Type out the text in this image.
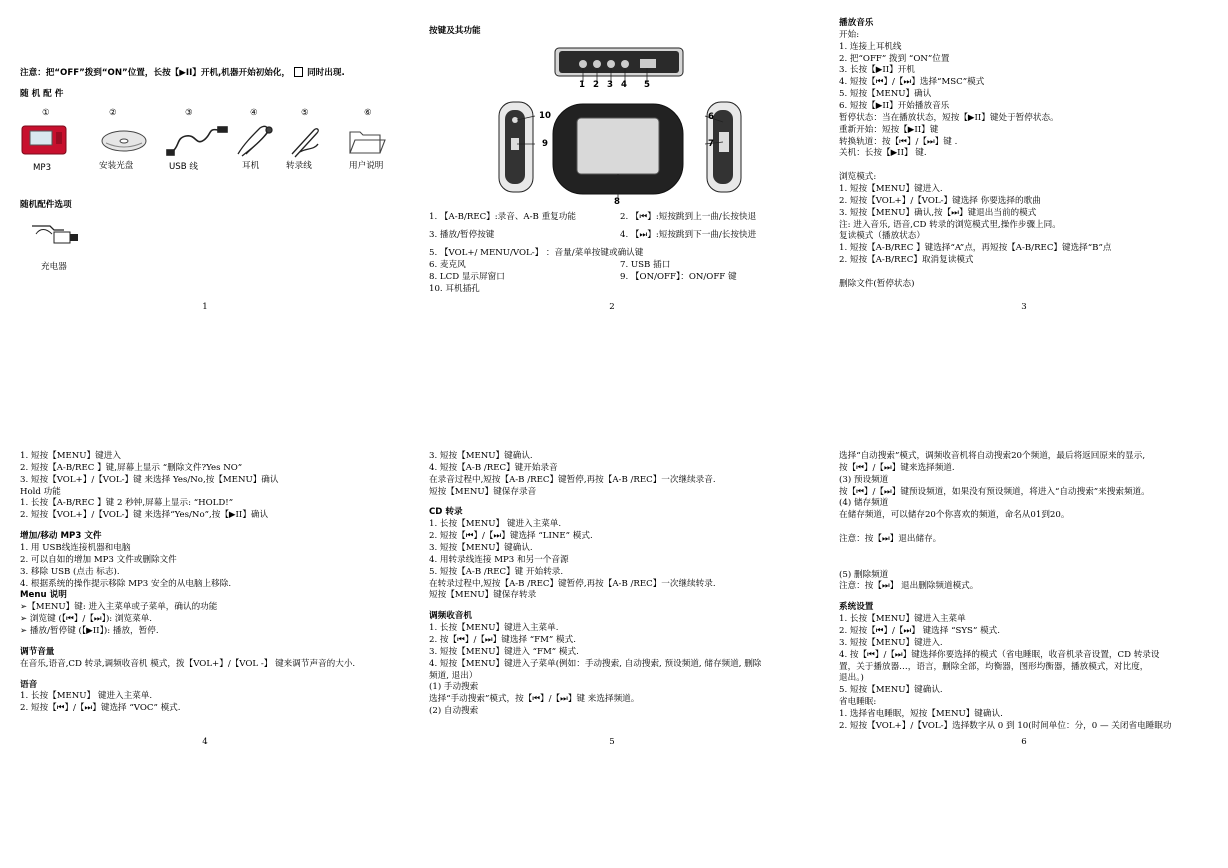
注意：把“OFF”拨到“ON”位置，长按【▶II】开机,机器开始初始化， 同时出现.
随 机 配 件
①	②	③	④	⑤	⑥
MP3	安装光盘	USB 线	耳机	转录线	用户说明
随机配件选项
充电器
1
按键及其功能
1 2 3 4 5
6
7
8
9
10
1. 【A-B/REC】:录音、A-B 重复功能	2. 【⏮】:短按跳到上一曲/长按快退
3. 播放/暂停按键	4. 【⏭】:短按跳到下一曲/长按快进
5. 【VOL+/ MENU/VOL-】 ：音量/菜单按键或确认键
6. 麦克风	7. USB 插口
8. LCD 显示屏窗口	9. 【ON/OFF】：ON/OFF 键
10. 耳机插孔
2
播放音乐
开始:
1. 连接上耳机线
2. 把“OFF” 拨到 “ON”位置
3. 长按【▶II】开机
4. 短按【⏮】/【⏭】选择“MSC”模式
5. 短按【MENU】确认
6. 短按【▶II】开始播放音乐
暂停状态：当在播放状态，短按【▶II】键处于暂停状态。
重新开始：短按【▶II】键
转换轨道：按【⏮】/【⏭】键 .
关机：长按【▶II】 键.

浏览模式:
1. 短按【MENU】键进入.
2. 短按【VOL+】/【VOL-】键选择 你要选择的歌曲
3. 短按【MENU】确认,按【⏭】键退出当前的模式
注: 进入音乐, 语音,CD 转录的浏览模式里,操作步骤上同。
复读模式（播放状态）
1. 短按【A-B/REC 】键选择“A”点，再短按【A-B/REC】键选择“B”点
2. 短按【A-B/REC】取消复读模式

删除文件(暂停状态)
3
1. 短按【MENU】键进入
2. 短按【A-B/REC 】键,屏幕上显示 “删除文件?Yes NO”
3. 短按【VOL+】/【VOL-】键 来选择 Yes/No,按【MENU】确认
Hold 功能
1. 长按【A-B/REC 】键 2 秒钟,屏幕上显示: “HOLD!”
2. 短按【VOL+】/【VOL-】键 来选择“Yes/No”,按【▶II】确认
增加/移动 MP3 文件
1. 用 USB线连接机器和电脑
2. 可以自如的增加 MP3 文件或删除文件
3. 移除 USB (点击 标志).
4. 根据系统的操作提示移除 MP3 安全的从电脑上移除.
Menu 说明
➢【MENU】键: 进入主菜单或子菜单，确认的功能
➢ 浏览键 (【⏮】/【⏭】): 浏览菜单.
➢ 播放/暂停键 (【▶II】): 播放，暂停.
调节音量
在音乐,语音,CD 转录,调频收音机 模式，拨【VOL+】/【VOL -】 键来调节声音的大小.
语音
1. 长按【MENU】 键进入主菜单.
2. 短按【⏮】/【⏭】键选择 “VOC” 模式.
4
3. 短按【MENU】键确认.
4. 短按【A-B /REC】键开始录音
在录音过程中,短按【A-B /REC】键暂停,再按【A-B /REC】一次继续录音.
短按【MENU】键保存录音
CD 转录
1. 长按【MENU】 键进入主菜单.
2. 短按【⏮】/【⏭】键选择 “LINE” 模式.
3. 短按【MENU】键确认.
4. 用转录线连接 MP3 和另一个音源
5. 短按【A-B /REC】键 开始转录.
在转录过程中,短按【A-B /REC】键暂停,再按【A-B /REC】一次继续转录.
短按【MENU】键保存转录
调频收音机
1. 长按【MENU】键进入主菜单.
2. 按【⏮】/【⏭】键选择 “FM” 模式.
3. 短按【MENU】键进入 “FM” 模式.
4. 短按【MENU】键进入子菜单(例如：手动搜索, 自动搜索, 预设频道, 储存频道, 删除
频道, 退出）
(1) 手动搜索
选择“手动搜索”模式，按【⏮】/【⏭】键 来选择频道。
(2) 自动搜索
5
选择“自动搜索”模式，调频收音机将自动搜索20个频道，最后将返回原来的显示,
按【⏮】/【⏭】键来选择频道.
(3) 预设频道
按【⏮】/【⏭】键预设频道，如果没有预设频道，将进入“自动搜索”来搜索频道。
(4) 储存频道
在储存频道，可以储存20个你喜欢的频道，命名从01到20。

注意：按【⏭】退出储存。

(5) 删除频道
注意：按【⏭】 退出删除频道模式。
系统设置
1. 长按【MENU】键进入主菜单
2. 短按【⏮】/【⏭】 键选择 “SYS” 模式.
3. 短按【MENU】键进入.
4. 按【⏮】/【⏭】键选择你要选择的模式（省电睡眠，收音机录音设置，CD 转录设
置，关于播放器…，语言，删除全部，均衡器，图形均衡器，播放模式，对比度，
退出。)
5. 短按【MENU】键确认.
省电睡眠:
1. 选择省电睡眠，短按【MENU】键确认.
2. 短按【VOL+】/【VOL-】选择数字从 0 到 10(时间单位：分，0 — 关闭省电睡眠功
6
